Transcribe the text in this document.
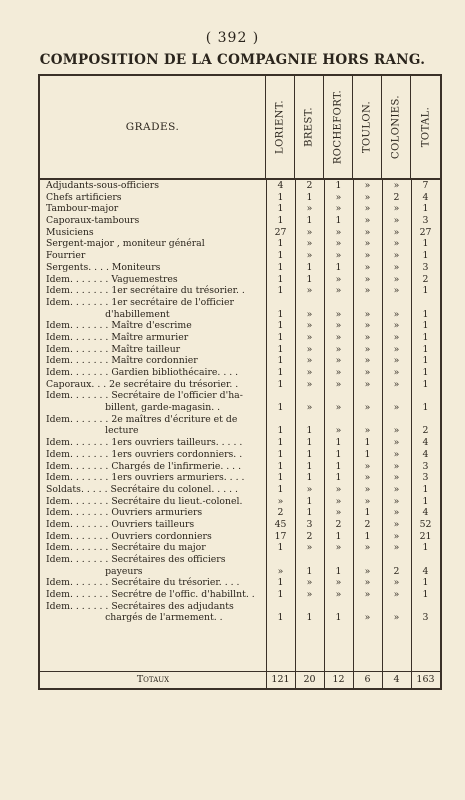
( 392 )
COMPOSITION DE LA COMPAGNIE HORS RANG.
GRADES.	LORIENT. BREST. ROCHEFORT. TOULON. COLONIES. TOTAL.
Adjudants-sous-officiers	4	2	1	»	»	7
Chefs artificiers	1	1	»	»	2	4
Tambour-major	1	»	»	»	»	1
Caporaux-tambours	1	1	1	»	»	3
Musiciens	27	»	»	»	»	27
Sergent-major , moniteur général	1	»	»	»	»	1
Fourrier	1	»	»	»	»	1
Sergents. . . . Moniteurs	1	1	1	»	»	3
Idem. . . . . . . Vaguemestres	1	1	»	»	»	2
Idem. . . . . . . 1er secrétaire du trésorier. .	1	»	»	»	»	1
Idem. . . . . . . 1er secrétaire de l'officier
d'habillement	1	»	»	»	»	1
Idem. . . . . . . Maître d'escrime	1	»	»	»	»	1
Idem. . . . . . . Maître armurier	1	»	»	»	»	1
Idem. . . . . . . Maître tailleur	1	»	»	»	»	1
Idem. . . . . . . Maître cordonnier	1	»	»	»	»	1
Idem. . . . . . . Gardien bibliothécaire. . . .	1	»	»	»	»	1
Caporaux. . . 2e secrétaire du trésorier. .	1	»	»	»	»	1
Idem. . . . . . . Secrétaire de l'officier d'ha-
billent, garde-magasin. .	1	»	»	»	»	1
Idem. . . . . . . 2e maîtres d'écriture et de
lecture	1	1	»	»	»	2
Idem. . . . . . . 1ers ouvriers tailleurs. . . . .	1	1	1	1	»	4
Idem. . . . . . . 1ers ouvriers cordonniers. .	1	1	1	1	»	4
Idem. . . . . . . Chargés de l'infirmerie. . . .	1	1	1	»	»	3
Idem. . . . . . . 1ers ouvriers armuriers. . . .	1	1	1	»	»	3
Soldats. . . . . Secrétaire du colonel. . . . .	1	»	»	»	»	1
Idem. . . . . . . Secrétaire du lieut.-colonel.	»	1	»	»	»	1
Idem. . . . . . . Ouvriers armuriers	2	1	»	1	»	4
Idem. . . . . . . Ouvriers tailleurs	45	3	2	2	»	52
Idem. . . . . . . Ouvriers cordonniers	17	2	1	1	»	21
Idem. . . . . . . Secrétaire du major	1	»	»	»	»	1
Idem. . . . . . . Secrétaires des officiers
payeurs	»	1	1	»	2	4
Idem. . . . . . . Secrétaire du trésorier. . . .	1	»	»	»	»	1
Idem. . . . . . . Secrétre de l'offic. d'habillnt. .	1	»	»	»	»	1
Idem. . . . . . . Secrétaires des adjudants
chargés de l'armement. .	1	1	1	»	»	3
Totaux	121	20	12	6	4	163
